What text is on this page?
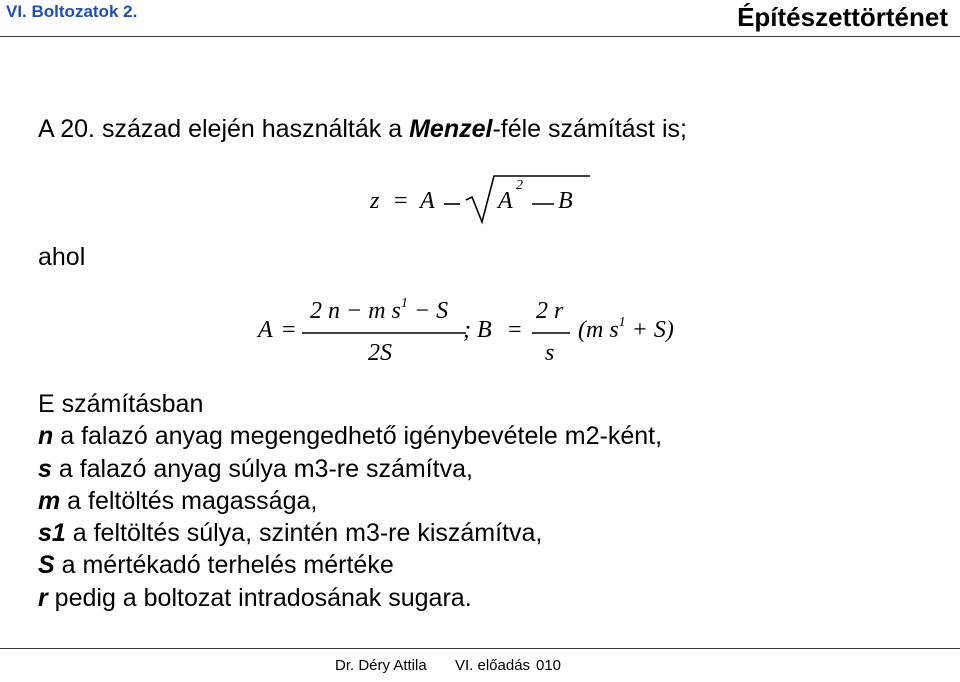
VI. Boltozatok 2.	Építészettörténet
A 20. század elején használták a Menzel-féle számítást is;
z = A	A
2
B
ahol
A =
2 n − m $s^1 - S$
2S
; B =
2 r
s
(m $s^1 + S$)
E számításban
n a falazó anyag megengedhető igénybevétele m2-ként,
s a falazó anyag súlya m3-re számítva,
m a feltöltés magassága,
s1 a feltöltés súlya, szintén m3-re kiszámítva,
S a mértékadó terhelés mértéke
r pedig a boltozat intradosának sugara.
Dr. Déry Attila VI. előadás 010
